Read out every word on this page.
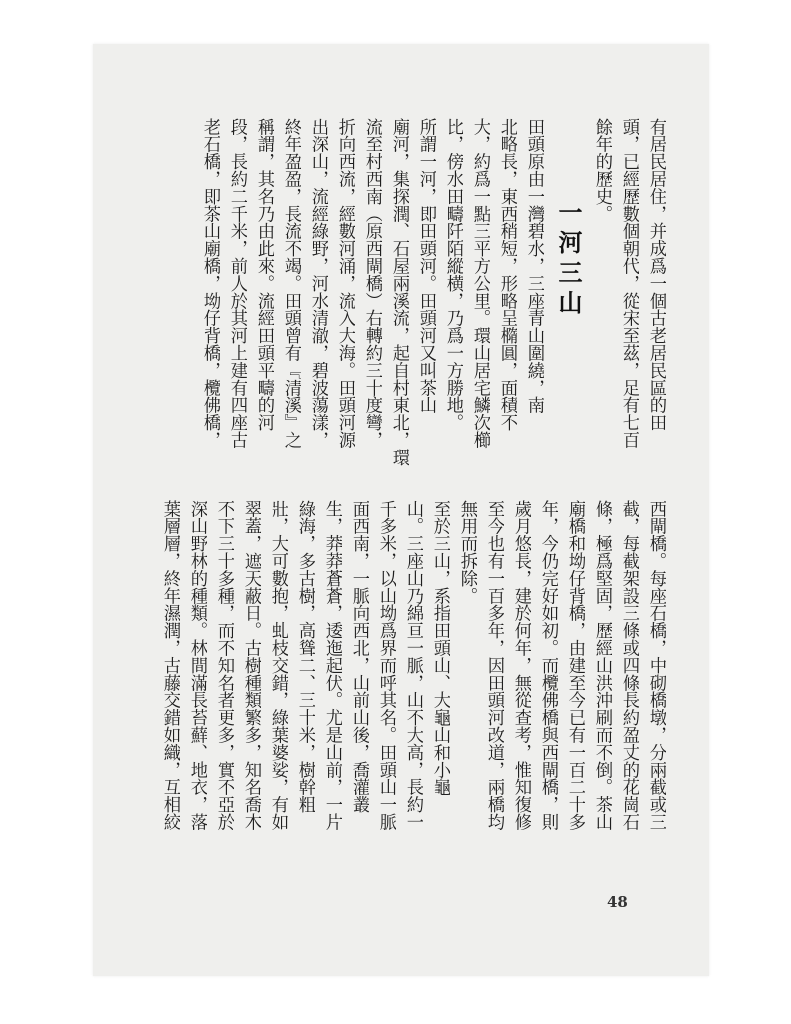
有居民居住，并成爲一個古老居民區的田
頭，已經歷數個朝代，從宋至茲，足有七百
餘年的歷史。
一河三山
田頭原由一灣碧水，三座青山圍繞，南
北略長，東西稍短，形略呈橢圓，面積不
大，約爲一點三平方公里。環山居宅鱗次櫛
比，傍水田疇阡陌縱横，乃爲一方勝地。
所謂一河，即田頭河。田頭河又叫茶山
廟河，集探潤、石屋兩溪流，起自村東北，環
流至村西南（原西閘橋）右轉約三十度彎，
折向西流，經數河涌，流入大海。田頭河源
出深山，流經綠野，河水清澈，碧波蕩漾，
終年盈盈，長流不竭。田頭曾有『清溪』之
稱謂，其名乃由此來。流經田頭平疇的河
段，長約二千米，前人於其河上建有四座古
老石橋，即茶山廟橋，坳仔背橋，欖佛橋，
西閘橋。每座石橋，中砌橋墩，分兩截或三
截，每截架設三條或四條長約盈丈的花崗石
條，極爲堅固，歷經山洪沖刷而不倒。茶山
廟橋和坳仔背橋，由建至今已有一百二十多
年，今仍完好如初。而欖佛橋與西閘橋，則
歲月悠長，建於何年，無從查考，惟知復修
至今也有一百多年，因田頭河改道，兩橋均
無用而拆除。
至於三山，系指田頭山、大龜山和小龜
山。三座山乃綿亘一脈，山不大高，長約一
千多米，以山坳爲界而呼其名。田頭山一脈
面西南，一脈向西北，山前山後，喬灌叢
生，莽莽蒼蒼，逶迤起伏。尤是山前，一片
綠海，多古樹，高聳二、三十米，樹幹粗
壯，大可數抱，虬枝交錯，綠葉婆娑，有如
翠蓋，遮天蔽日。古樹種類繁多，知名喬木
不下三十多種，而不知名者更多，實不亞於
深山野林的種類。林間滿長苔蘚、地衣，落
葉層層，終年濕潤，古藤交錯如織，互相絞
48
